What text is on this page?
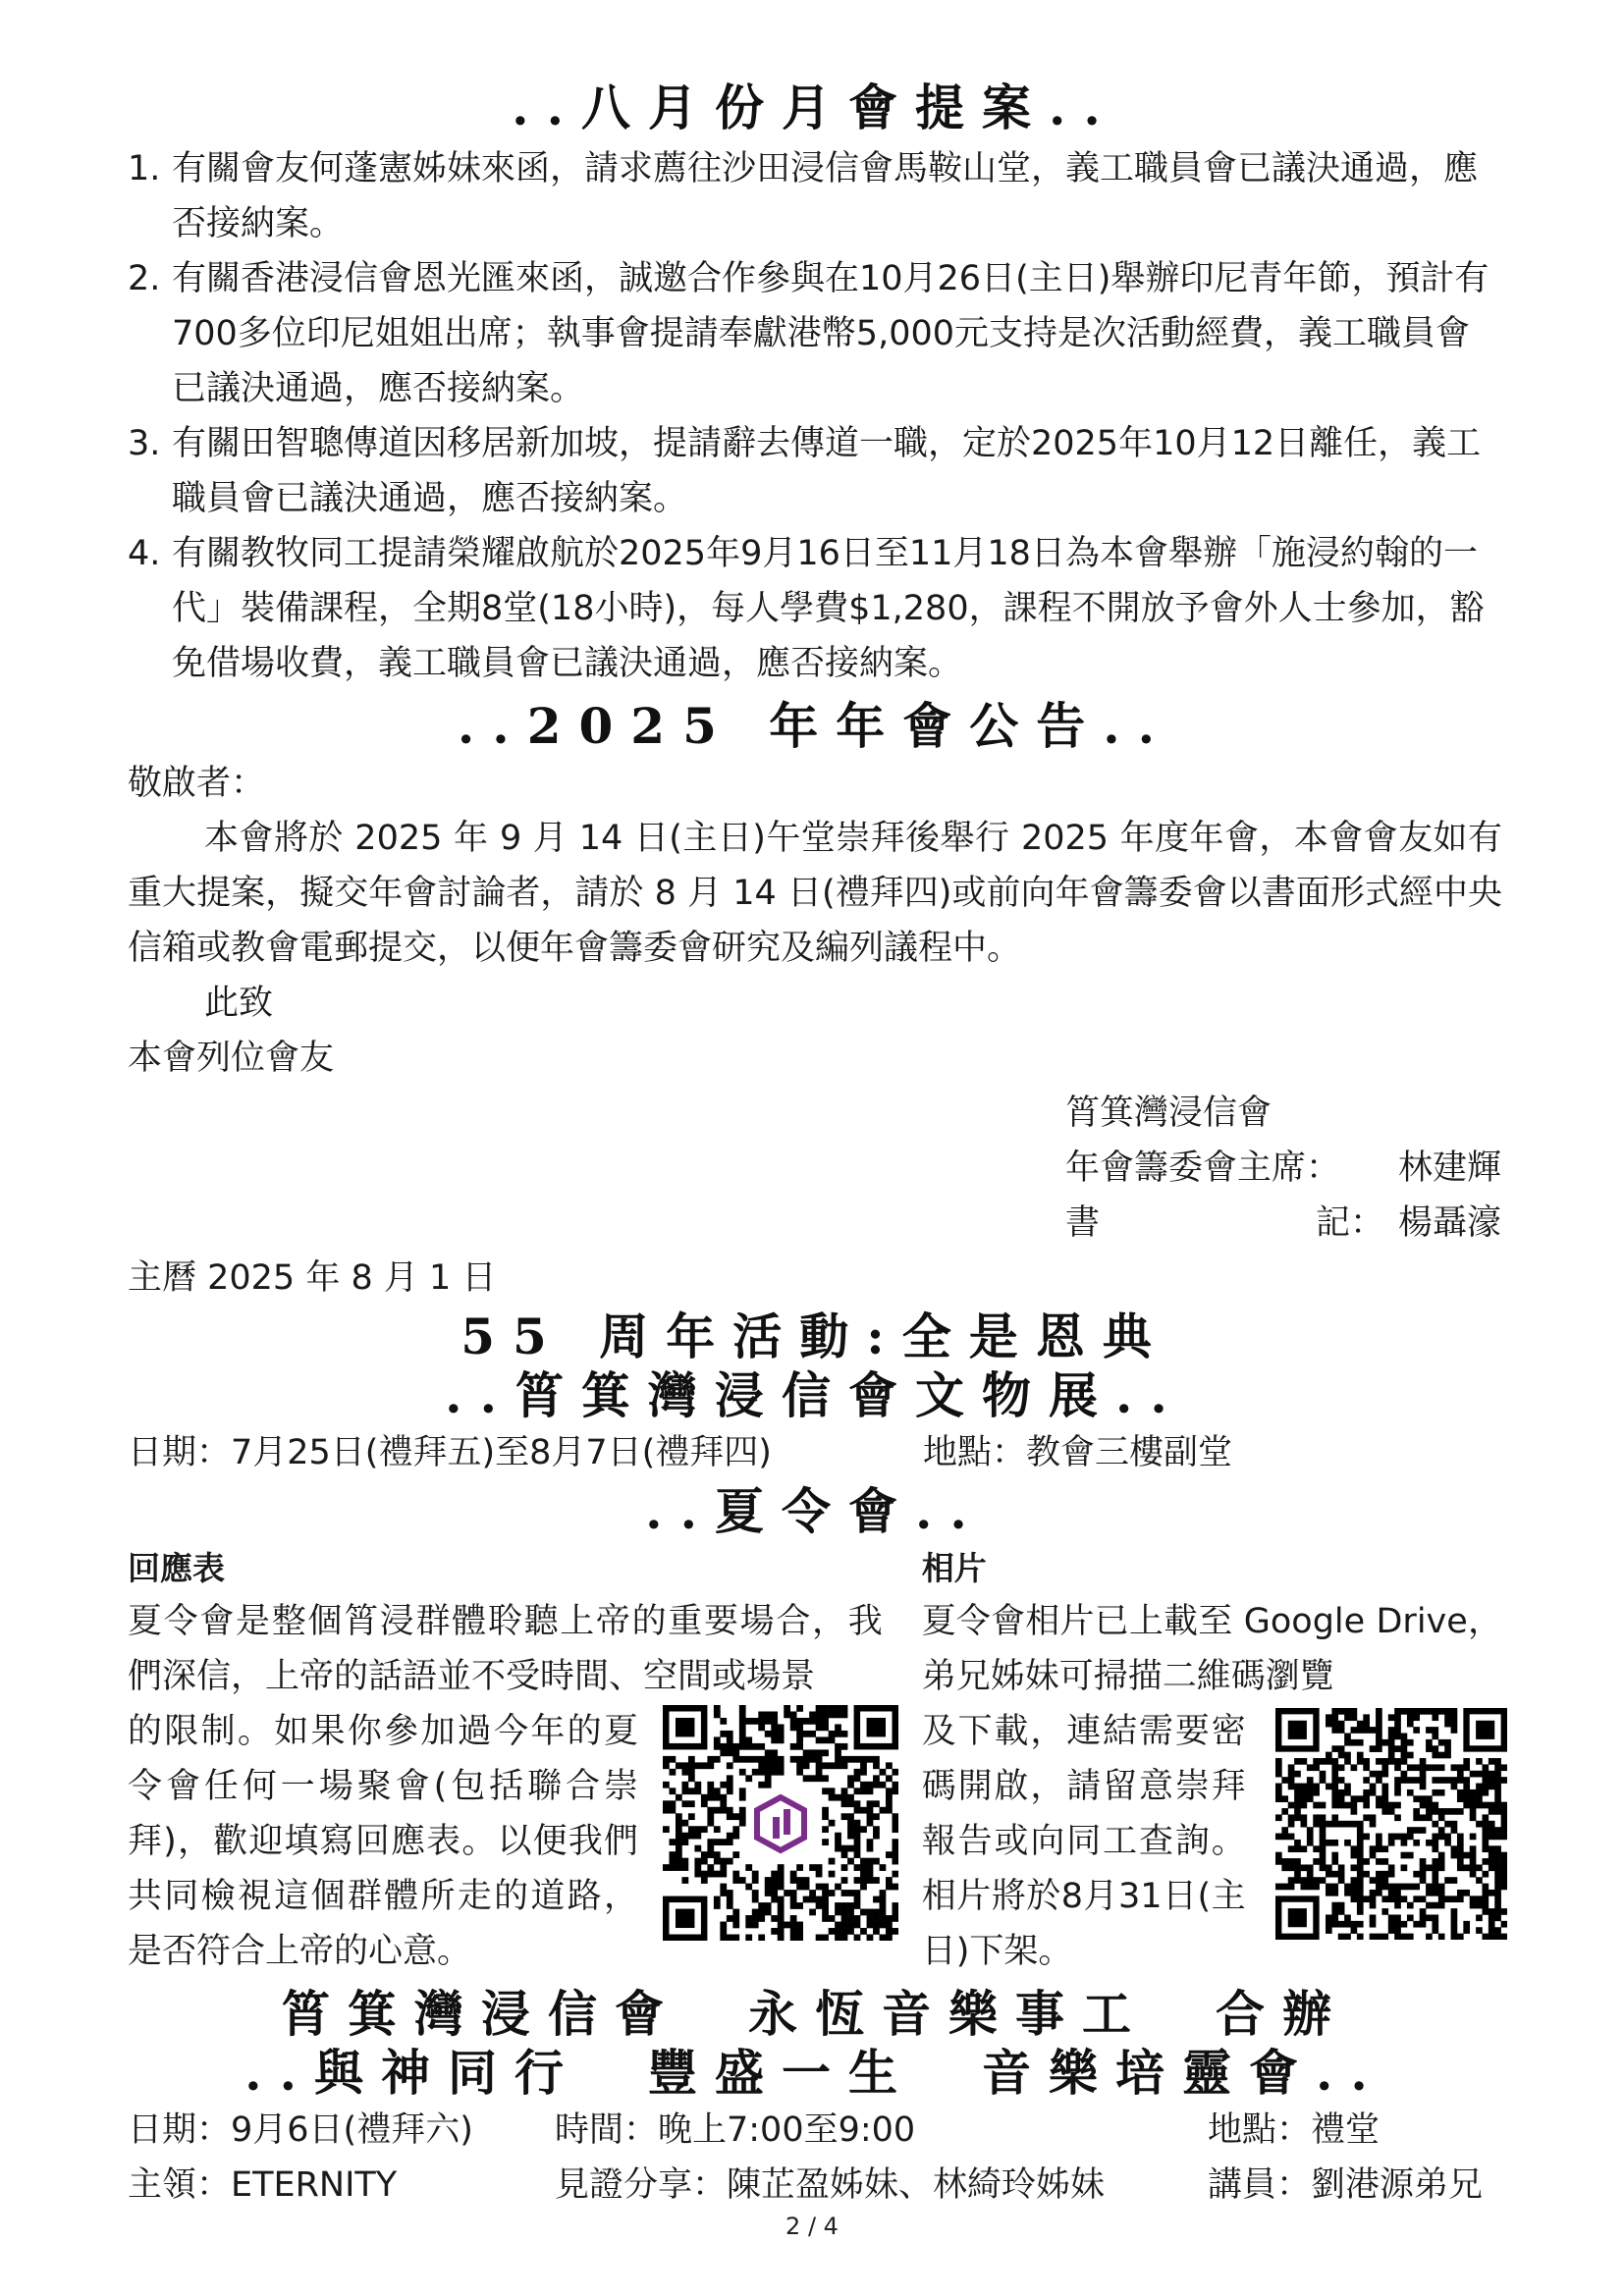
..八月份月會提案..
1. 有關會友何蓬憲姊妹來函，請求薦往沙田浸信會馬鞍山堂，義工職員會已議決通過，應否接納案。
2. 有關香港浸信會恩光匯來函，誠邀合作參與在10月26日(主日)舉辦印尼青年節，預計有700多位印尼姐姐出席；執事會提請奉獻港幣5,000元支持是次活動經費，義工職員會已議決通過，應否接納案。
3. 有關田智聰傳道因移居新加坡，提請辭去傳道一職，定於2025年10月12日離任，義工職員會已議決通過，應否接納案。
4. 有關教牧同工提請榮耀啟航於2025年9月16日至11月18日為本會舉辦「施浸約翰的一代」裝備課程，全期8堂(18小時)，每人學費$1,280，課程不開放予會外人士參加，豁免借場收費，義工職員會已議決通過，應否接納案。
..2025 年年會公告..
敬啟者：
本會將於 2025 年 9 月 14 日(主日)午堂崇拜後舉行 2025 年度年會，本會會友如有重大提案，擬交年會討論者，請於 8 月 14 日(禮拜四)或前向年會籌委會以書面形式經中央信箱或教會電郵提交，以便年會籌委會研究及編列議程中。
此致
本會列位會友
筲箕灣浸信會
年會籌委會主席：	林建輝
書	記： 楊聶濠
主曆 2025 年 8 月 1 日
55 周年活動:全是恩典
..筲箕灣浸信會文物展..
日期：7月25日(禮拜五)至8月7日(禮拜四)	地點：教會三樓副堂
..夏令會..
回應表
夏令會是整個筲浸群體聆聽上帝的重要場合，我們深信，上帝的話語並不受時間、空間或場景
的限制。如果你參加過今年的夏令會任何一場聚會(包括聯合崇拜)，歡迎填寫回應表。以便我們共同檢視這個群體所走的道路，是否符合上帝的心意。
相片
夏令會相片已上載至 Google Drive，弟兄姊妹可掃描二維碼瀏覽
及下載，連結需要密碼開啟，請留意崇拜報告或向同工查詢。相片將於8月31日(主日)下架。
筲箕灣浸信會　永恆音樂事工　合辦
..與神同行　豐盛一生　音樂培靈會..
日期：9月6日(禮拜六)	時間：晚上7:00至9:00	地點：禮堂
主領：ETERNITY	見證分享：陳芷盈姊妹、林綺玲姊妹	講員：劉港源弟兄
2 / 4
